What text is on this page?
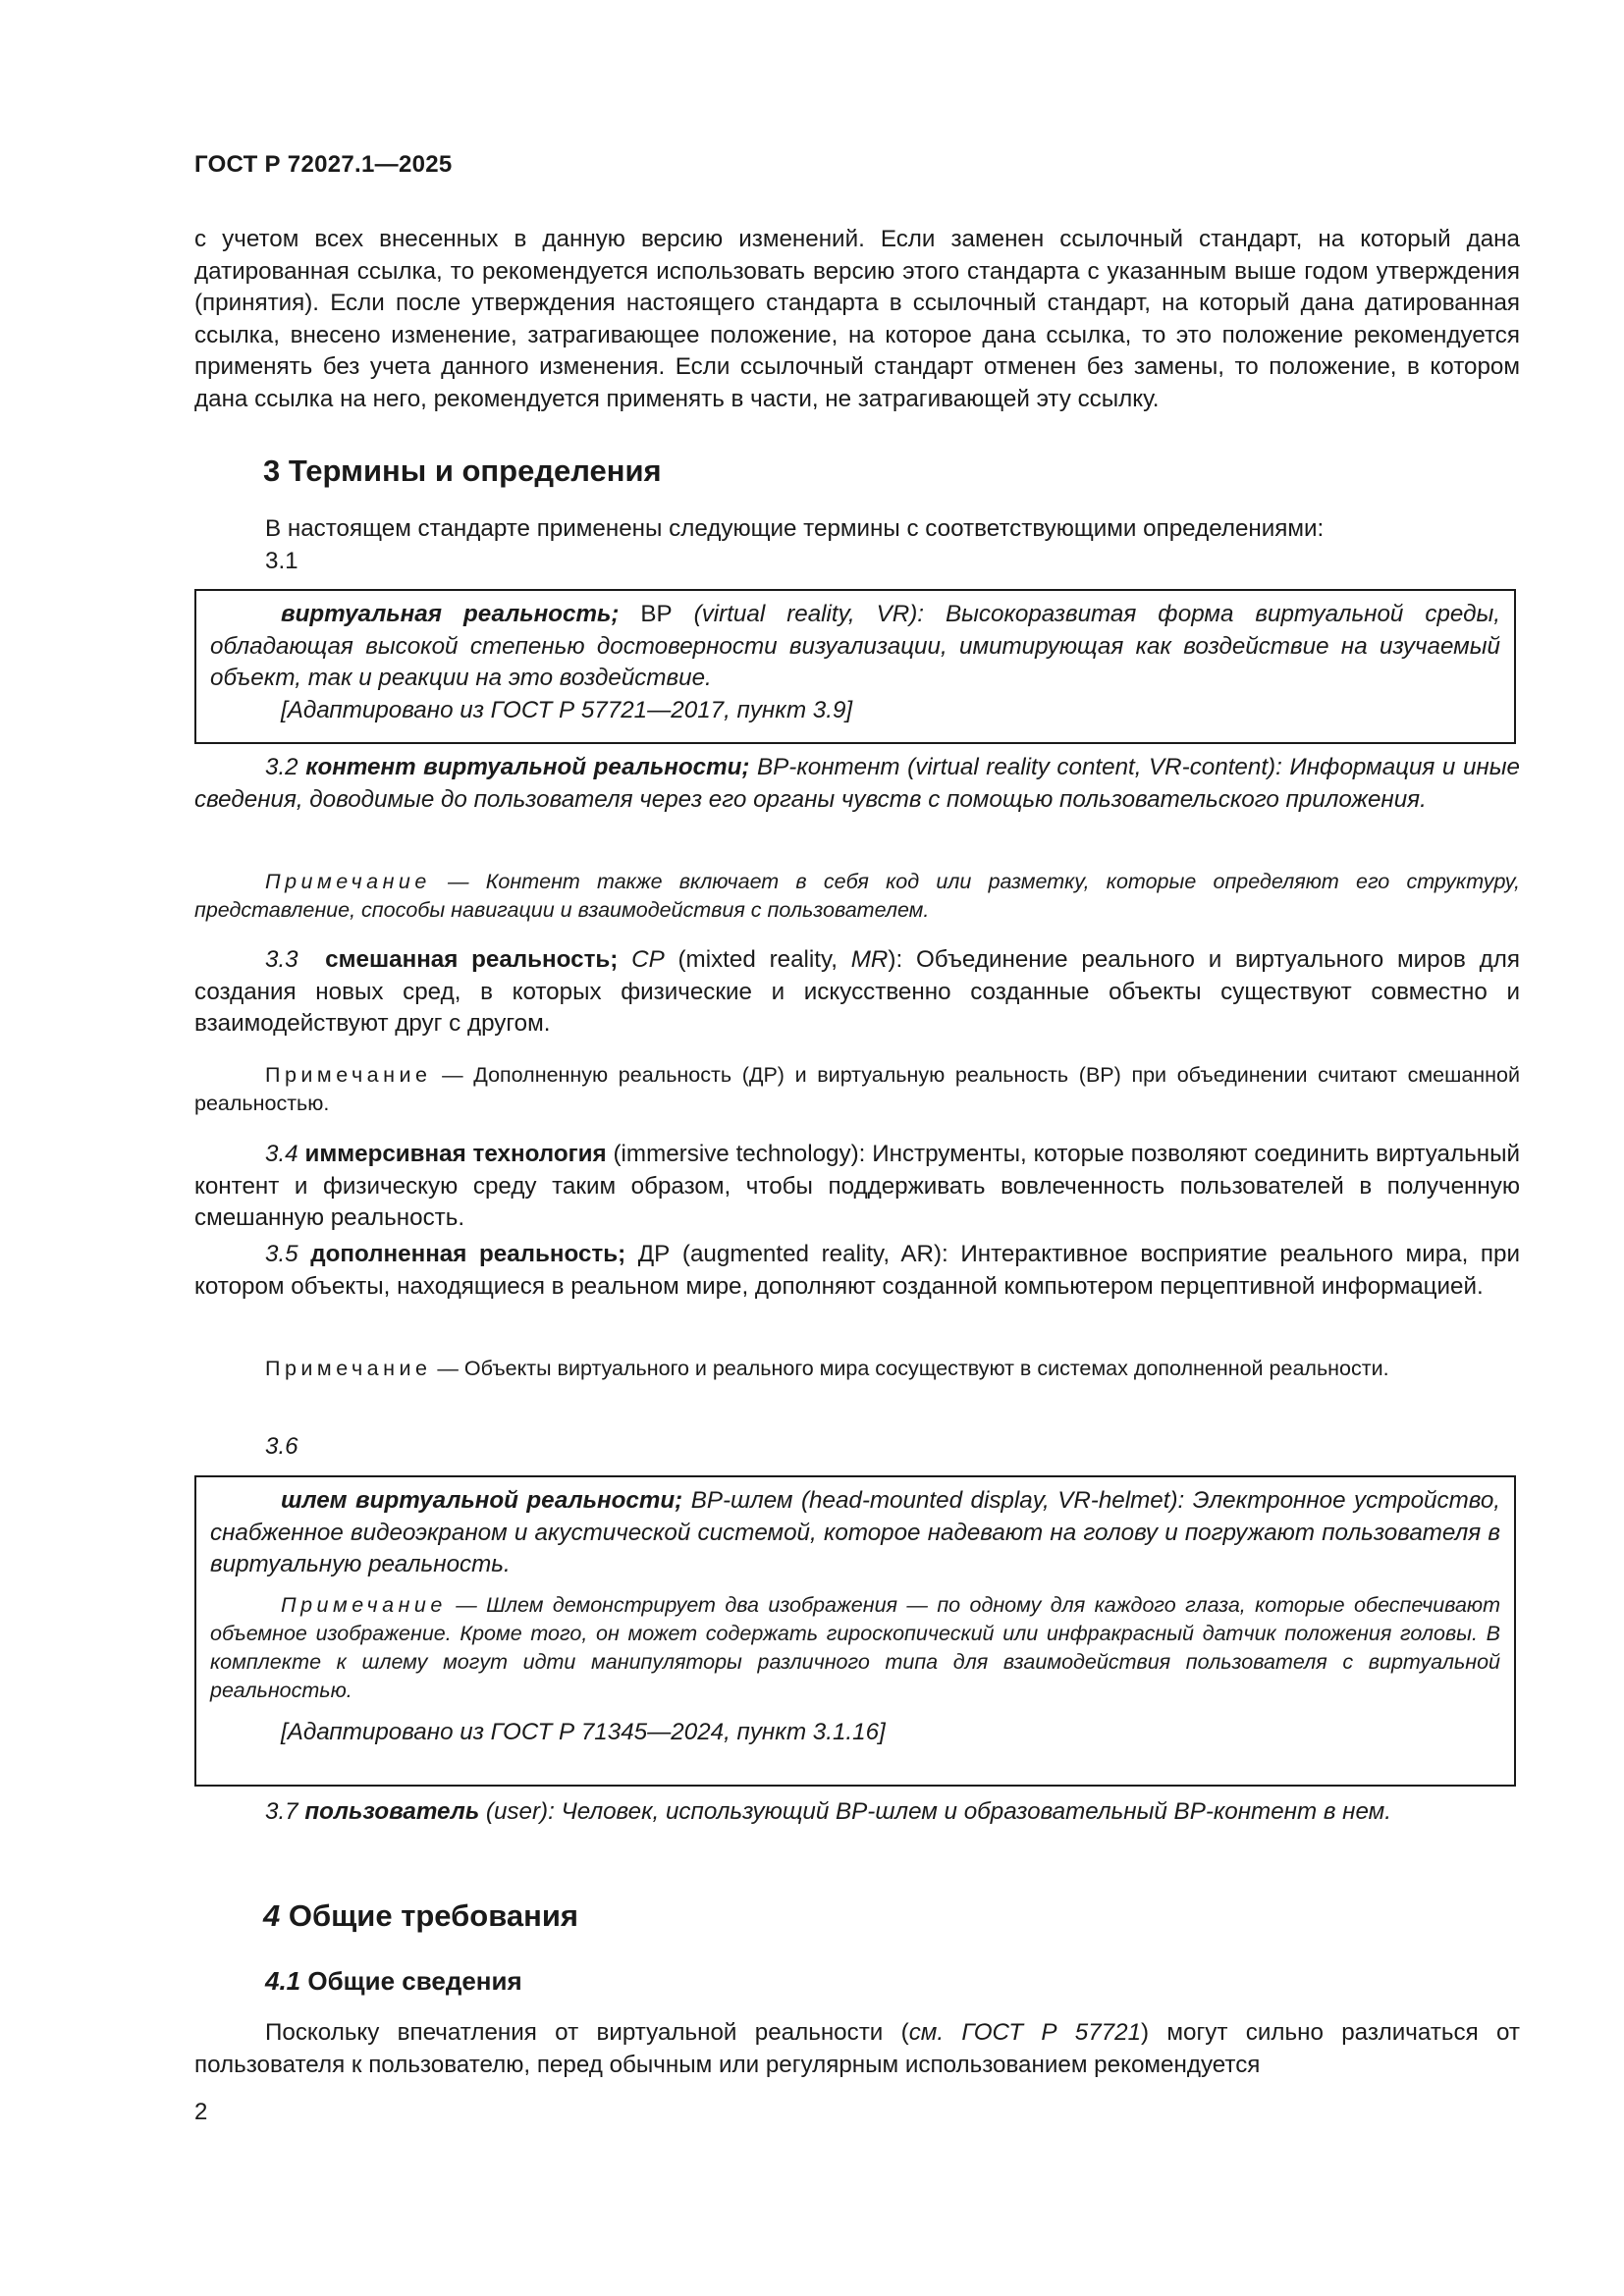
ГОСТ Р 72027.1—2025

с учетом всех внесенных в данную версию изменений. Если заменен ссылочный стандарт, на который дана датированная ссылка, то рекомендуется использовать версию этого стандарта с указанным выше годом утверждения (принятия). Если после утверждения настоящего стандарта в ссылочный стандарт, на который дана датированная ссылка, внесено изменение, затрагивающее положение, на которое дана ссылка, то это положение рекомендуется применять без учета данного изменения. Если ссылочный стандарт отменен без замены, то положение, в котором дана ссылка на него, рекомендуется применять в части, не затрагивающей эту ссылку.

3 Термины и определения

В настоящем стандарте применены следующие термины с соответствующими определениями:

3.1

виртуальная реальность; ВР (virtual reality, VR): Высокоразвитая форма виртуальной среды, обладающая высокой степенью достоверности визуализации, имитирующая как воздействие на изучаемый объект, так и реакции на это воздействие.

[Адаптировано из ГОСТ Р 57721—2017, пункт 3.9]

3.2 контент виртуальной реальности; ВР-контент (virtual reality content, VR-content): Информация и иные сведения, доводимые до пользователя через его органы чувств с помощью пользовательского приложения.

Примечание — Контент также включает в себя код или разметку, которые определяют его структуру, представление, способы навигации и взаимодействия с пользователем.

3.3 смешанная реальность; СР (mixted reality, MR): Объединение реального и виртуального миров для создания новых сред, в которых физические и искусственно созданные объекты существуют совместно и взаимодействуют друг с другом.

Примечание — Дополненную реальность (ДР) и виртуальную реальность (ВР) при объединении считают смешанной реальностью.

3.4 иммерсивная технология (immersive technology): Инструменты, которые позволяют соединить виртуальный контент и физическую среду таким образом, чтобы поддерживать вовлеченность пользователей в полученную смешанную реальность.

3.5 дополненная реальность; ДР (augmented reality, AR): Интерактивное восприятие реального мира, при котором объекты, находящиеся в реальном мире, дополняют созданной компьютером перцептивной информацией.

Примечание — Объекты виртуального и реального мира сосуществуют в системах дополненной реальности.

3.6

шлем виртуальной реальности; ВР-шлем (head-mounted display, VR-helmet): Электронное устройство, снабженное видеоэкраном и акустической системой, которое надевают на голову и погружают пользователя в виртуальную реальность.

Примечание — Шлем демонстрирует два изображения — по одному для каждого глаза, которые обеспечивают объемное изображение. Кроме того, он может содержать гироскопический или инфракрасный датчик положения головы. В комплекте к шлему могут идти манипуляторы различного типа для взаимодействия пользователя с виртуальной реальностью.

[Адаптировано из ГОСТ Р 71345—2024, пункт 3.1.16]

3.7 пользователь (user): Человек, использующий ВР-шлем и образовательный ВР-контент в нем.

4 Общие требования
4.1 Общие сведения

Поскольку впечатления от виртуальной реальности (см. ГОСТ Р 57721) могут сильно различаться от пользователя к пользователю, перед обычным или регулярным использованием рекомендуется

2
